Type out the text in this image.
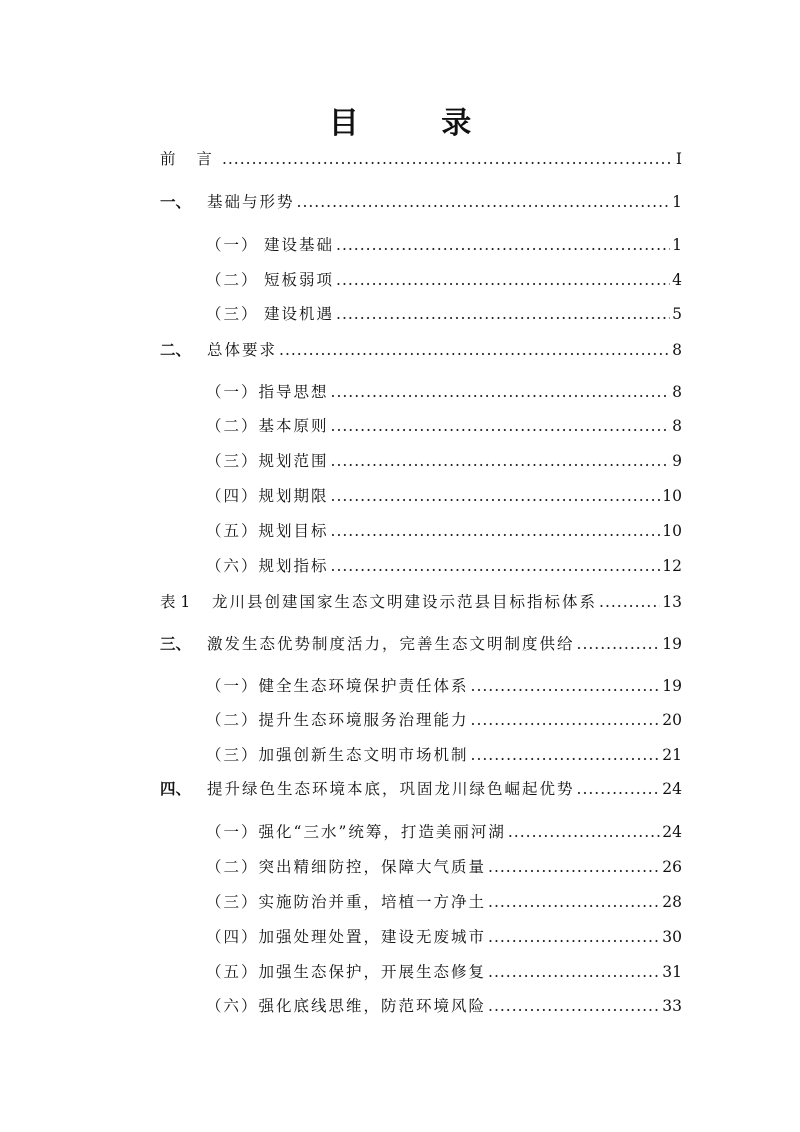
目 录
前 言 .....	I
一、 基础与形势 .....	1
（一） 建设基础 .....	1
（二） 短板弱项 .....	4
（三） 建设机遇 .....	5
二、 总体要求 .....	8
（一）指导思想 .....	8
（二）基本原则 .....	8
（三）规划范围 .....	9
（四）规划期限 .....	10
（五）规划目标 .....	10
（六）规划指标 .....	12
表 1 龙川县创建国家生态文明建设示范县目标指标体系 .....	13
三、 激发生态优势制度活力，完善生态文明制度供给 .....	19
（一）健全生态环境保护责任体系 .....	19
（二）提升生态环境服务治理能力 .....	20
（三）加强创新生态文明市场机制 .....	21
四、 提升绿色生态环境本底，巩固龙川绿色崛起优势 .....	24
（一）强化“三水”统筹，打造美丽河湖 .....	24
（二）突出精细防控，保障大气质量 .....	26
（三）实施防治并重，培植一方净土 .....	28
（四）加强处理处置，建设无废城市 .....	30
（五）加强生态保护，开展生态修复 .....	31
（六）强化底线思维，防范环境风险 .....	33
